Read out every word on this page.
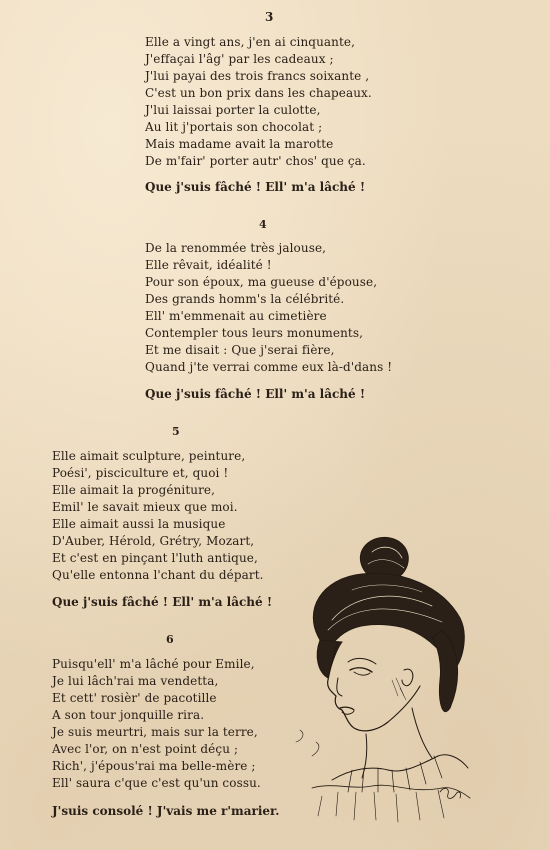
3
Elle a vingt ans, j'en ai cinquante,
J'effaçai l'âg' par les cadeaux ;
J'lui payai des trois francs soixante ,
C'est un bon prix dans les chapeaux.
J'lui laissai porter la culotte,
Au lit j'portais son chocolat ;
Mais madame avait la marotte
De m'fair' porter autr' chos' que ça.
Que j'suis fâché ! Ell' m'a lâché !
4
De la renommée très jalouse,
Elle rêvait, idéalité !
Pour son époux, ma gueuse d'épouse,
Des grands homm's la célébrité.
Ell' m'emmenait au cimetière
Contempler tous leurs monuments,
Et me disait : Que j'serai fière,
Quand j'te verrai comme eux là-d'dans !
Que j'suis fâché ! Ell' m'a lâché !
5
Elle aimait sculpture, peinture,
Poési', pisciculture et, quoi !
Elle aimait la progéniture,
Emil' le savait mieux que moi.
Elle aimait aussi la musique
D'Auber, Hérold, Grétry, Mozart,
Et c'est en pinçant l'luth antique,
Qu'elle entonna l'chant du départ.
Que j'suis fâché ! Ell' m'a lâché !
6
Puisqu'ell' m'a lâché pour Emile,
Je lui lâch'rai ma vendetta,
Et cett' rosièr' de pacotille
A son tour jonquille rira.
Je suis meurtri, mais sur la terre,
Avec l'or, on n'est point déçu ;
Rich', j'épous'rai ma belle-mère ;
Ell' saura c'que c'est qu'un cossu.
J'suis consolé ! J'vais me r'marier.
